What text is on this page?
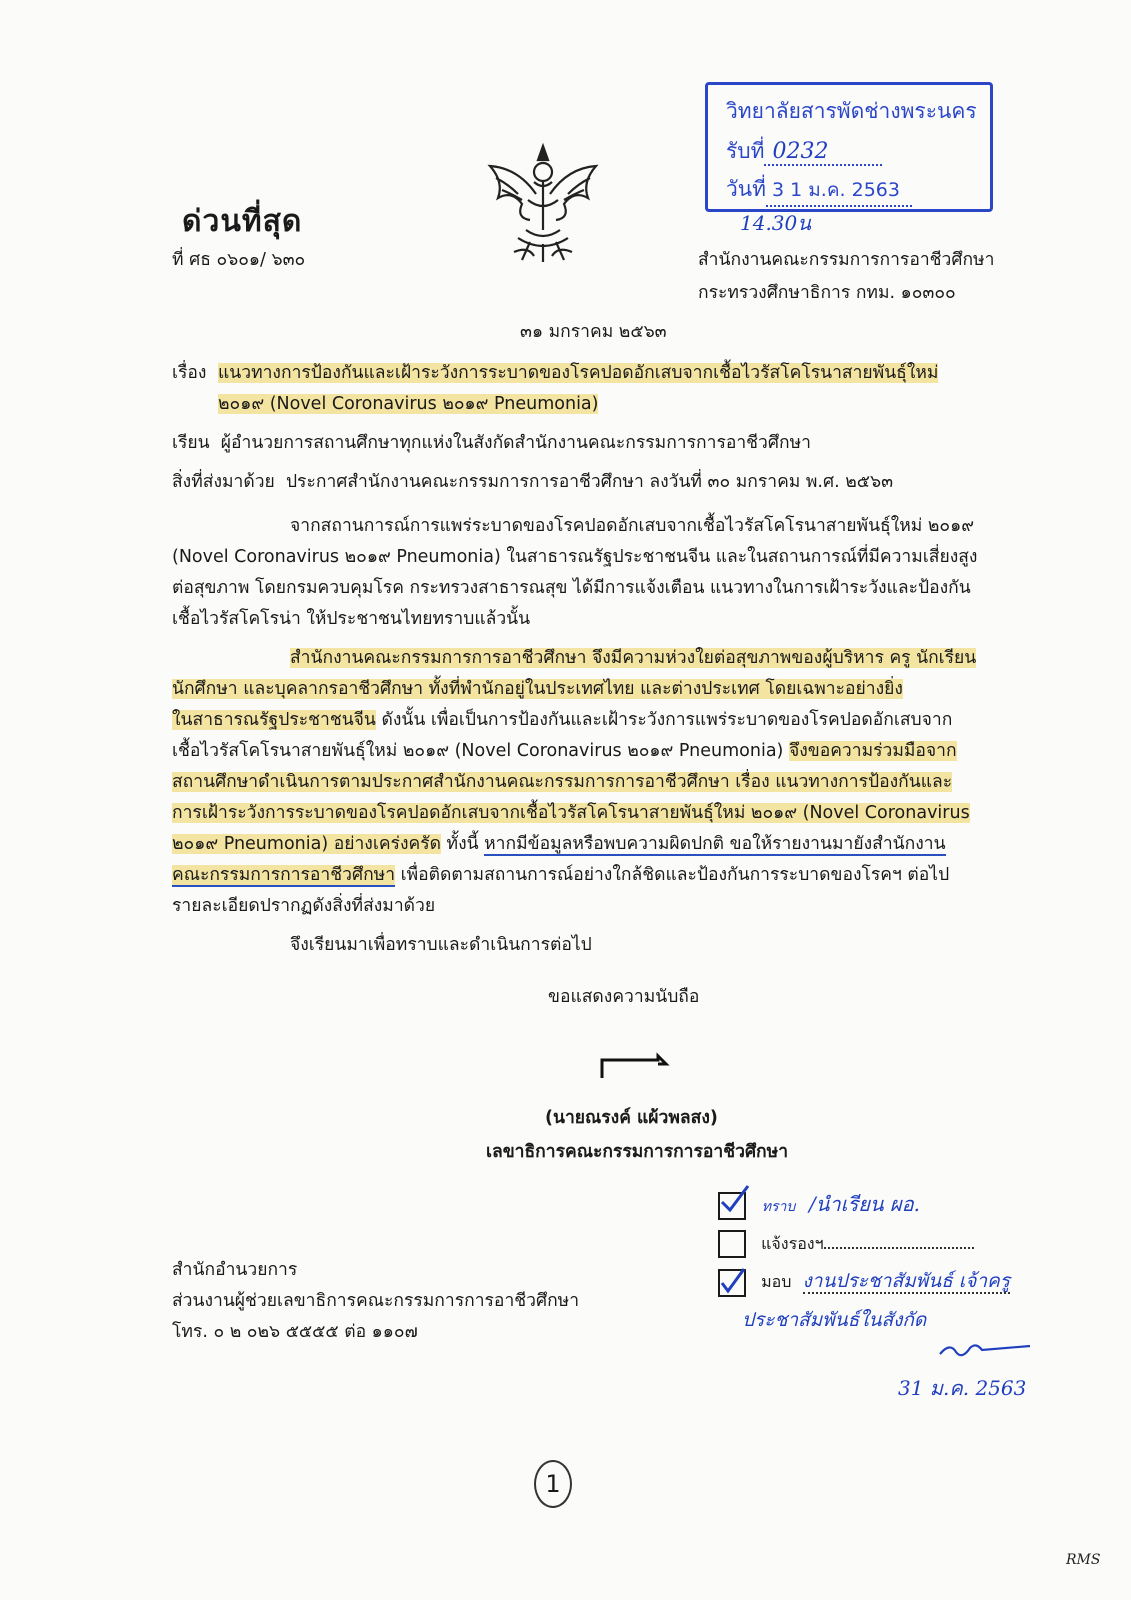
วิทยาลัยสารพัดช่างพระนคร
รับที่ 0232
วันที่ 3 1 ม.ค. 2563 14.30น
ด่วนที่สุด
ที่ ศธ ๐๖๐๑/ ๖๓๐	สำนักงานคณะกรรมการการอาชีวศึกษา
กระทรวงศึกษาธิการ กทม. ๑๐๓๐๐
๓๑ มกราคม ๒๕๖๓
เรื่อง แนวทางการป้องกันและเฝ้าระวังการระบาดของโรคปอดอักเสบจากเชื้อไวรัสโคโรนาสายพันธุ์ใหม่
๒๐๑๙ (Novel Coronavirus ๒๐๑๙ Pneumonia)
เรียน ผู้อำนวยการสถานศึกษาทุกแห่งในสังกัดสำนักงานคณะกรรมการการอาชีวศึกษา
สิ่งที่ส่งมาด้วย ประกาศสำนักงานคณะกรรมการการอาชีวศึกษา ลงวันที่ ๓๐ มกราคม พ.ศ. ๒๕๖๓
จากสถานการณ์การแพร่ระบาดของโรคปอดอักเสบจากเชื้อไวรัสโคโรนาสายพันธุ์ใหม่ ๒๐๑๙
(Novel Coronavirus ๒๐๑๙ Pneumonia) ในสาธารณรัฐประชาชนจีน และในสถานการณ์ที่มีความเสี่ยงสูง
ต่อสุขภาพ โดยกรมควบคุมโรค กระทรวงสาธารณสุข ได้มีการแจ้งเตือน แนวทางในการเฝ้าระวังและป้องกัน
เชื้อไวรัสโคโรน่า ให้ประชาชนไทยทราบแล้วนั้น
สำนักงานคณะกรรมการการอาชีวศึกษา จึงมีความห่วงใยต่อสุขภาพของผู้บริหาร ครู นักเรียน
นักศึกษา และบุคลากรอาชีวศึกษา ทั้งที่พำนักอยู่ในประเทศไทย และต่างประเทศ โดยเฉพาะอย่างยิ่ง
ในสาธารณรัฐประชาชนจีน ดังนั้น เพื่อเป็นการป้องกันและเฝ้าระวังการแพร่ระบาดของโรคปอดอักเสบจาก
เชื้อไวรัสโคโรนาสายพันธุ์ใหม่ ๒๐๑๙ (Novel Coronavirus ๒๐๑๙ Pneumonia) จึงขอความร่วมมือจาก
สถานศึกษาดำเนินการตามประกาศสำนักงานคณะกรรมการการอาชีวศึกษา เรื่อง แนวทางการป้องกันและ
การเฝ้าระวังการระบาดของโรคปอดอักเสบจากเชื้อไวรัสโคโรนาสายพันธุ์ใหม่ ๒๐๑๙ (Novel Coronavirus
๒๐๑๙ Pneumonia) อย่างเคร่งครัด ทั้งนี้ หากมีข้อมูลหรือพบความผิดปกติ ขอให้รายงานมายังสำนักงาน
คณะกรรมการการอาชีวศึกษา เพื่อติดตามสถานการณ์อย่างใกล้ชิดและป้องกันการระบาดของโรคฯ ต่อไป
รายละเอียดปรากฏดังสิ่งที่ส่งมาด้วย
จึงเรียนมาเพื่อทราบและดำเนินการต่อไป
ขอแสดงความนับถือ
(นายณรงค์ แผ้วพลสง)
เลขาธิการคณะกรรมการการอาชีวศึกษา
ทราบ /นำเรียน ผอ.
แจ้งรองฯ
มอบ งานประชาสัมพันธ์ เจ้าครู
ประชาสัมพันธ์ในสังกัด
31 ม.ค. 2563
สำนักอำนวยการ
ส่วนงานผู้ช่วยเลขาธิการคณะกรรมการการอาชีวศึกษา
โทร. ๐ ๒ ๐๒๖ ๕๕๕๕ ต่อ ๑๑๐๗
1
RMS
